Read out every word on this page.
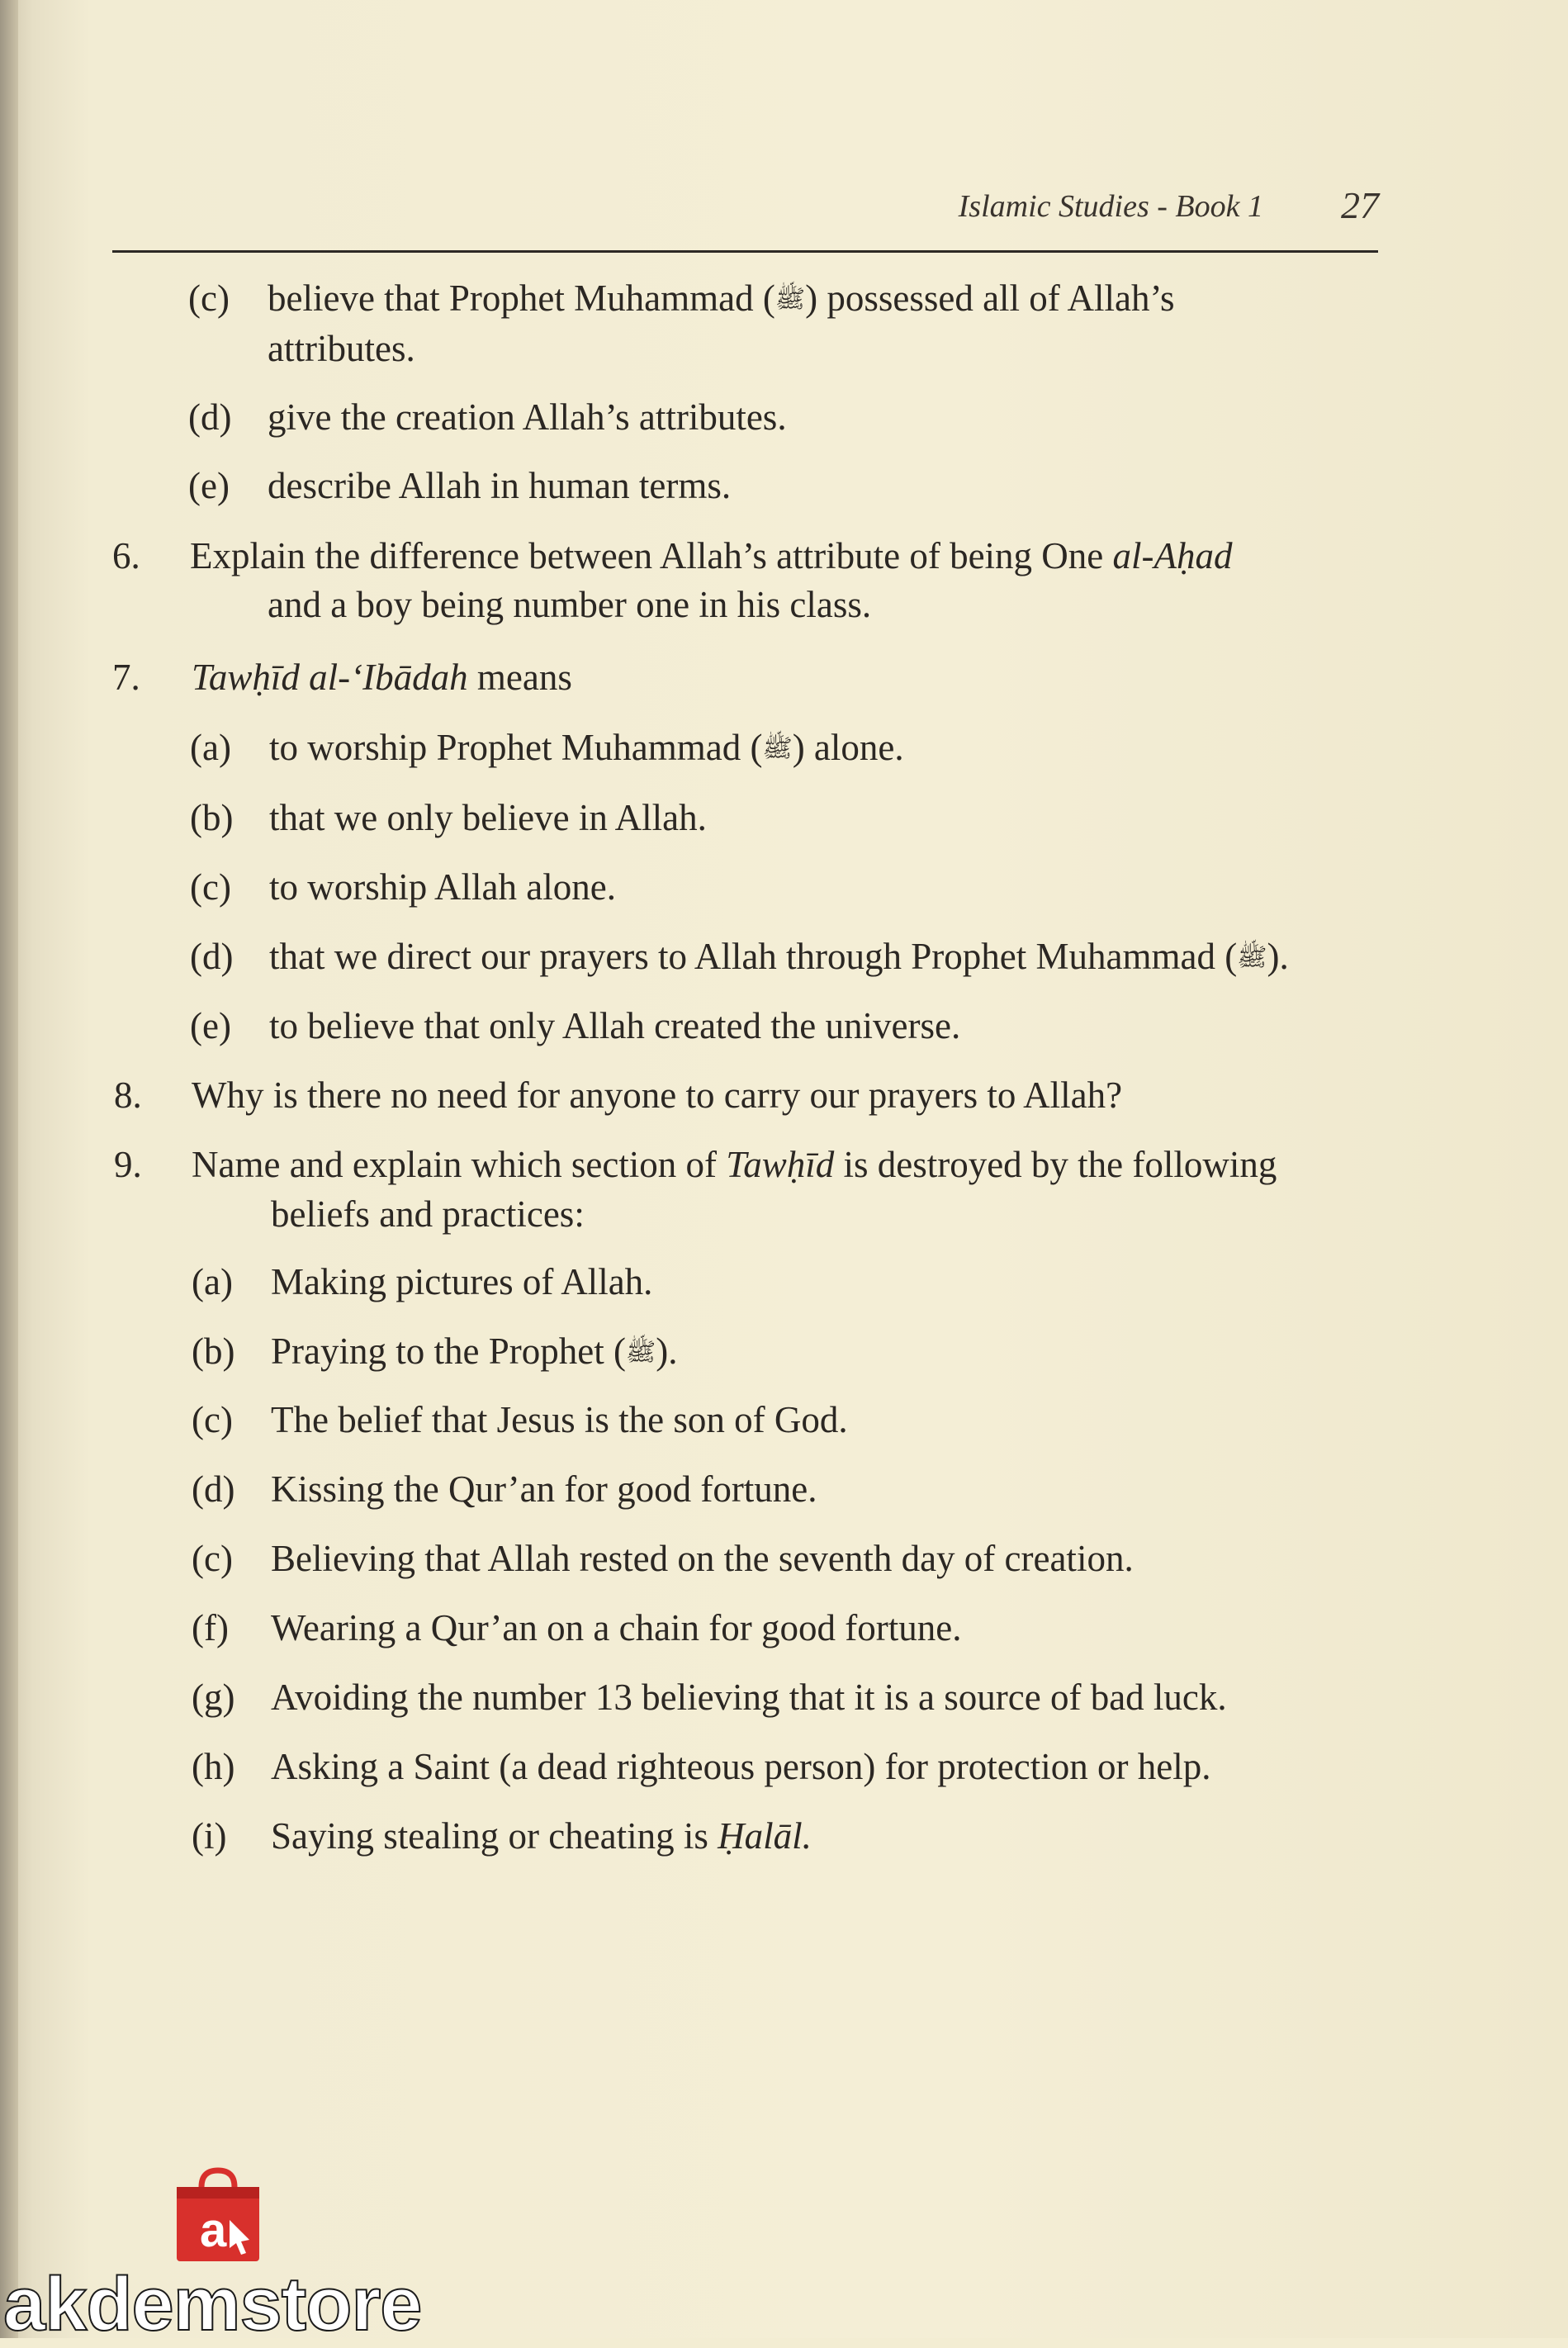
Islamic Studies - Book 1 27
(c) believe that Prophet Muhammad (ﷺ) possessed all of Allah’s
attributes.
(d) give the creation Allah’s attributes.
(e) describe Allah in human terms.
6. Explain the difference between Allah’s attribute of being One al-Aḥad
and a boy being number one in his class.
7. Tawḥīd al-‘Ibādah means
(a) to worship Prophet Muhammad (ﷺ) alone.
(b) that we only believe in Allah.
(c) to worship Allah alone.
(d) that we direct our prayers to Allah through Prophet Muhammad (ﷺ).
(e) to believe that only Allah created the universe.
8. Why is there no need for anyone to carry our prayers to Allah?
9. Name and explain which section of Tawḥīd is destroyed by the following
beliefs and practices:
(a) Making pictures of Allah.
(b) Praying to the Prophet (ﷺ).
(c) The belief that Jesus is the son of God.
(d) Kissing the Qur’an for good fortune.
(c) Believing that Allah rested on the seventh day of creation.
(f) Wearing a Qur’an on a chain for good fortune.
(g) Avoiding the number 13 believing that it is a source of bad luck.
(h) Asking a Saint (a dead righteous person) for protection or help.
(i) Saying stealing or cheating is Ḥalāl.
a
akdemstore
